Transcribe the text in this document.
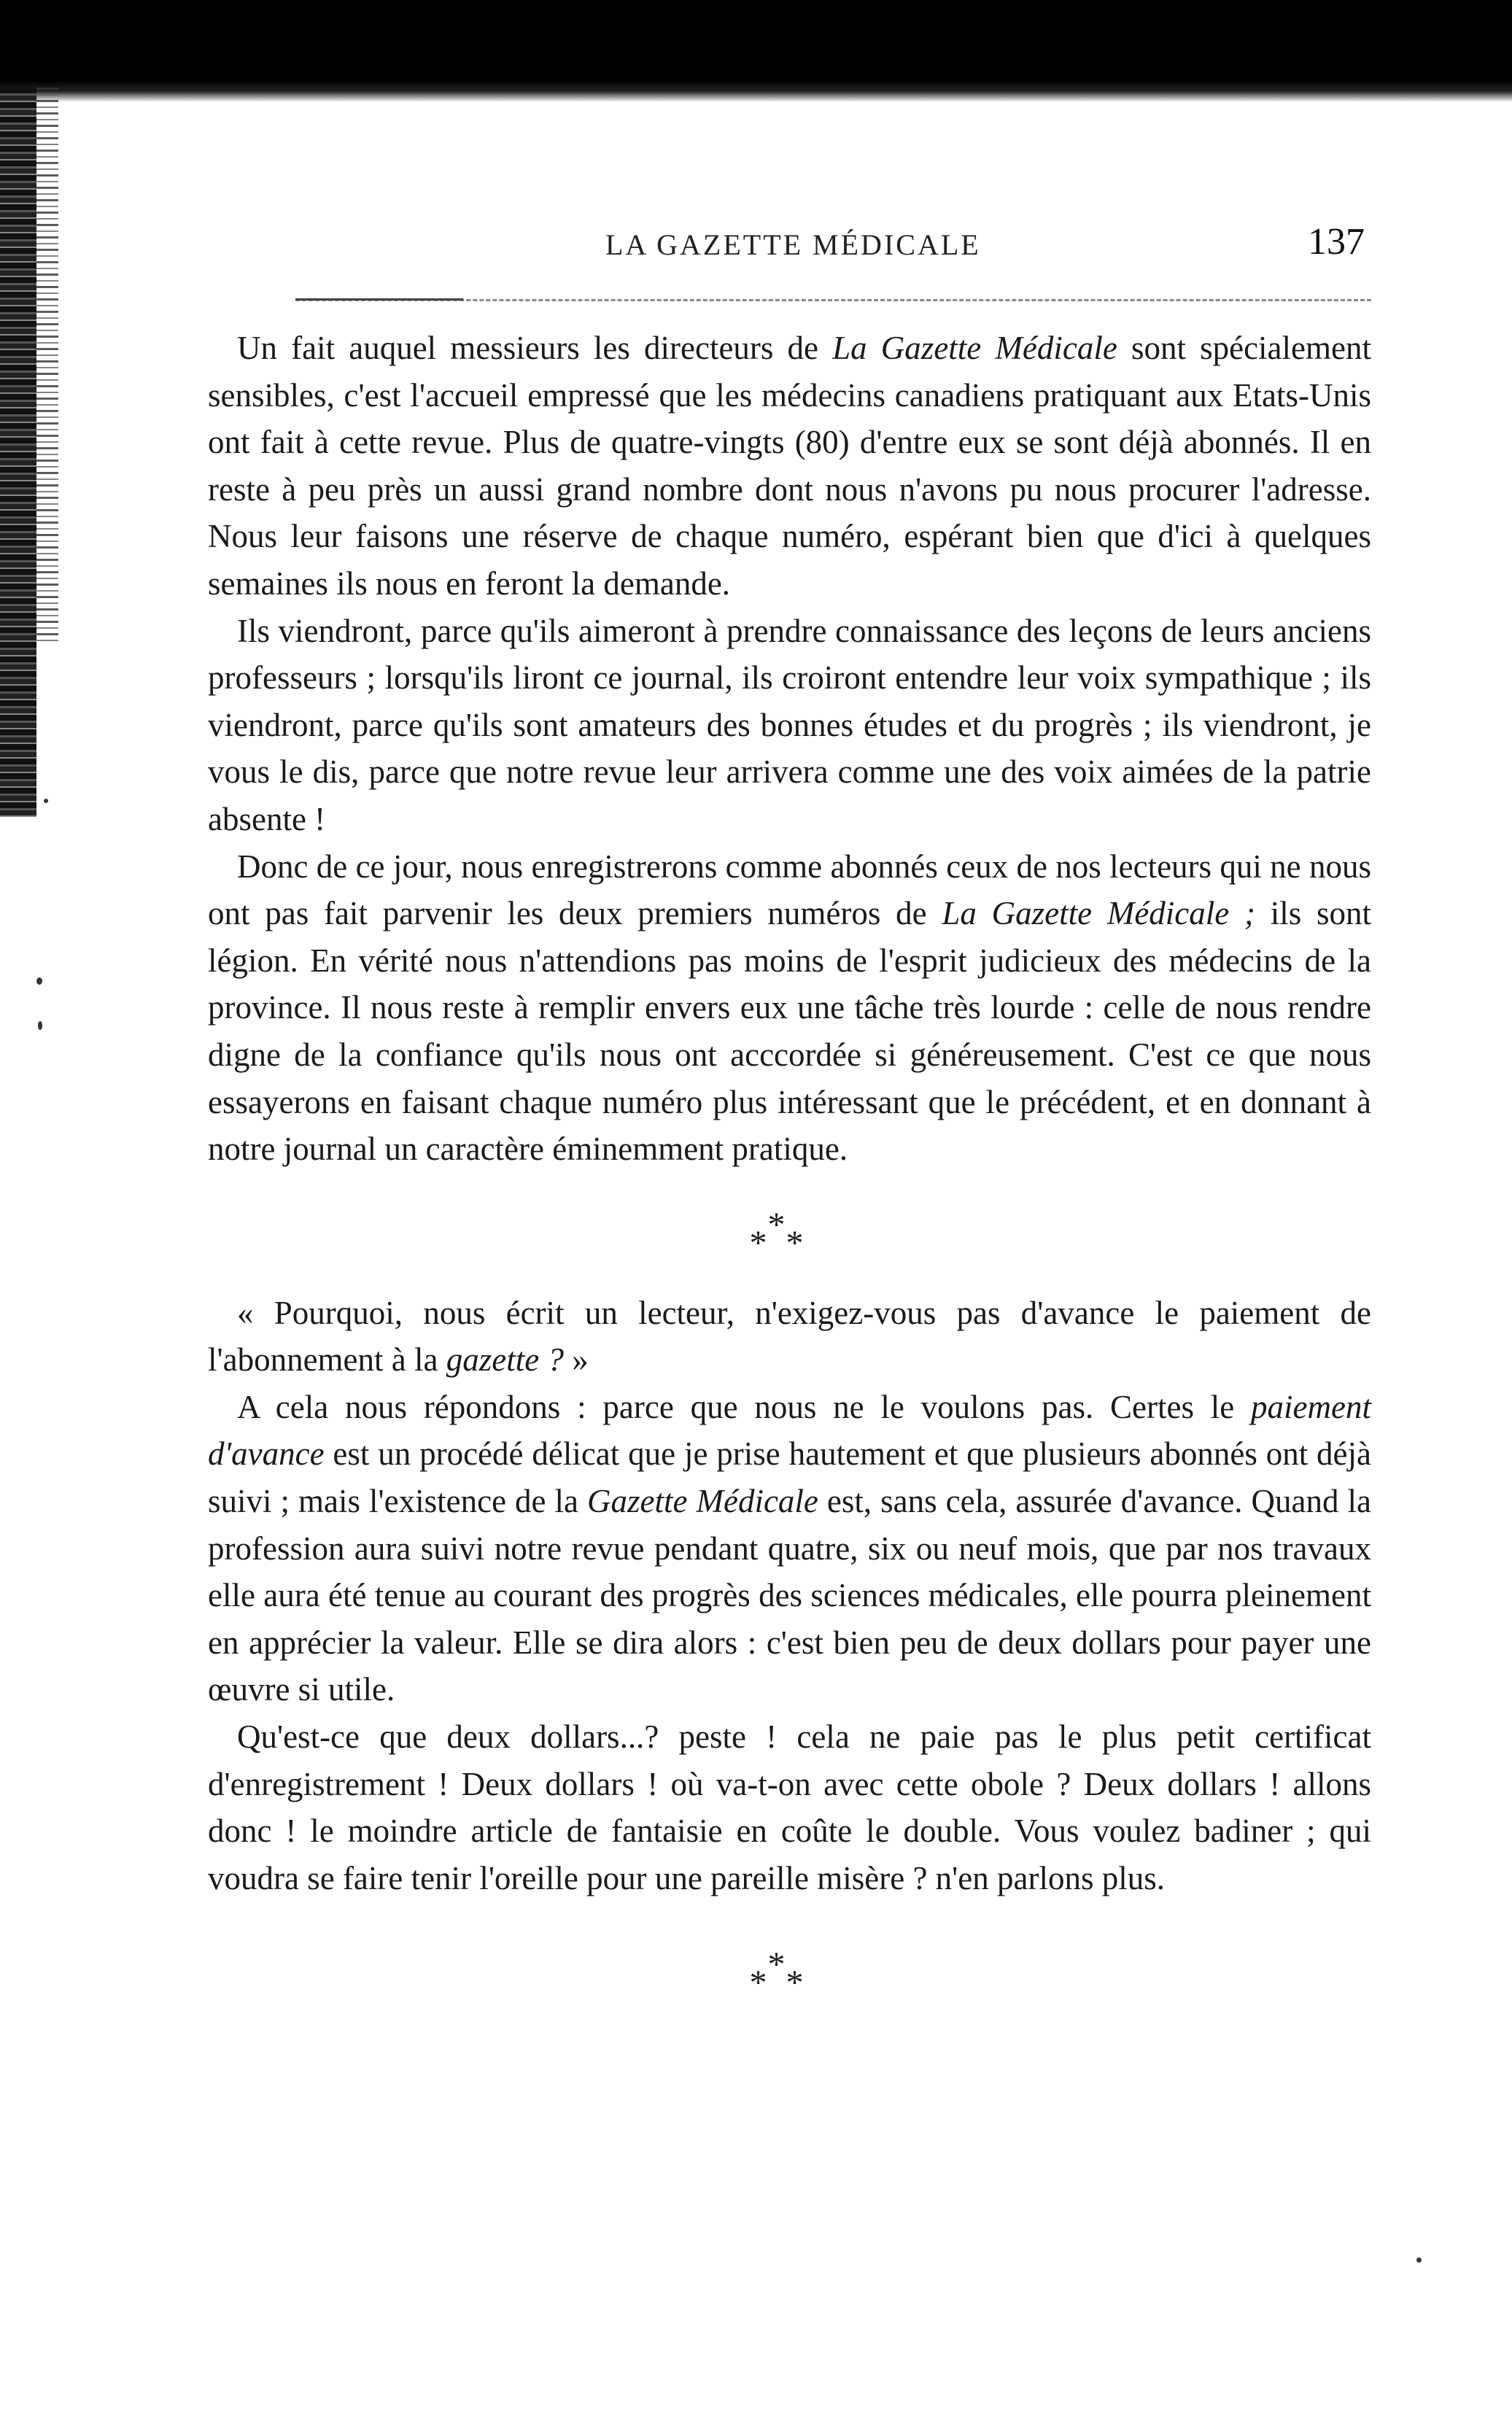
LA GAZETTE MÉDICALE	137

Un fait auquel messieurs les directeurs de La Gazette Médicale sont spécialement sensibles, c'est l'accueil empressé que les médecins canadiens pratiquant aux Etats-Unis ont fait à cette revue. Plus de quatre-vingts (80) d'entre eux se sont déjà abonnés. Il en reste à peu près un aussi grand nombre dont nous n'avons pu nous procurer l'adresse. Nous leur faisons une réserve de chaque numéro, espérant bien que d'ici à quelques semaines ils nous en feront la demande.

Ils viendront, parce qu'ils aimeront à prendre connaissance des leçons de leurs anciens professeurs ; lorsqu'ils liront ce journal, ils croiront entendre leur voix sympathique ; ils viendront, parce qu'ils sont amateurs des bonnes études et du progrès ; ils viendront, je vous le dis, parce que notre revue leur arrivera comme une des voix aimées de la patrie absente !

Donc de ce jour, nous enregistrerons comme abonnés ceux de nos lecteurs qui ne nous ont pas fait parvenir les deux premiers numéros de La Gazette Médicale ; ils sont légion. En vérité nous n'attendions pas moins de l'esprit judicieux des médecins de la province. Il nous reste à remplir envers eux une tâche très lourde : celle de nous rendre digne de la confiance qu'ils nous ont acccordée si généreusement. C'est ce que nous essayerons en faisant chaque numéro plus intéressant que le précédent, et en donnant à notre journal un caractère éminemment pratique.

*
* *

« Pourquoi, nous écrit un lecteur, n'exigez-vous pas d'avance le paiement de l'abonnement à la gazette ? »

A cela nous répondons : parce que nous ne le voulons pas. Certes le paiement d'avance est un procédé délicat que je prise hautement et que plusieurs abonnés ont déjà suivi ; mais l'existence de la Gazette Médicale est, sans cela, assurée d'avance. Quand la profession aura suivi notre revue pendant quatre, six ou neuf mois, que par nos travaux elle aura été tenue au courant des progrès des sciences médicales, elle pourra pleinement en apprécier la valeur. Elle se dira alors : c'est bien peu de deux dollars pour payer une œuvre si utile.

Qu'est-ce que deux dollars...? peste ! cela ne paie pas le plus petit certificat d'enregistrement ! Deux dollars ! où va-t-on avec cette obole ? Deux dollars ! allons donc ! le moindre article de fantaisie en coûte le double. Vous voulez badiner ; qui voudra se faire tenir l'oreille pour une pareille misère ? n'en parlons plus.

*
* *
